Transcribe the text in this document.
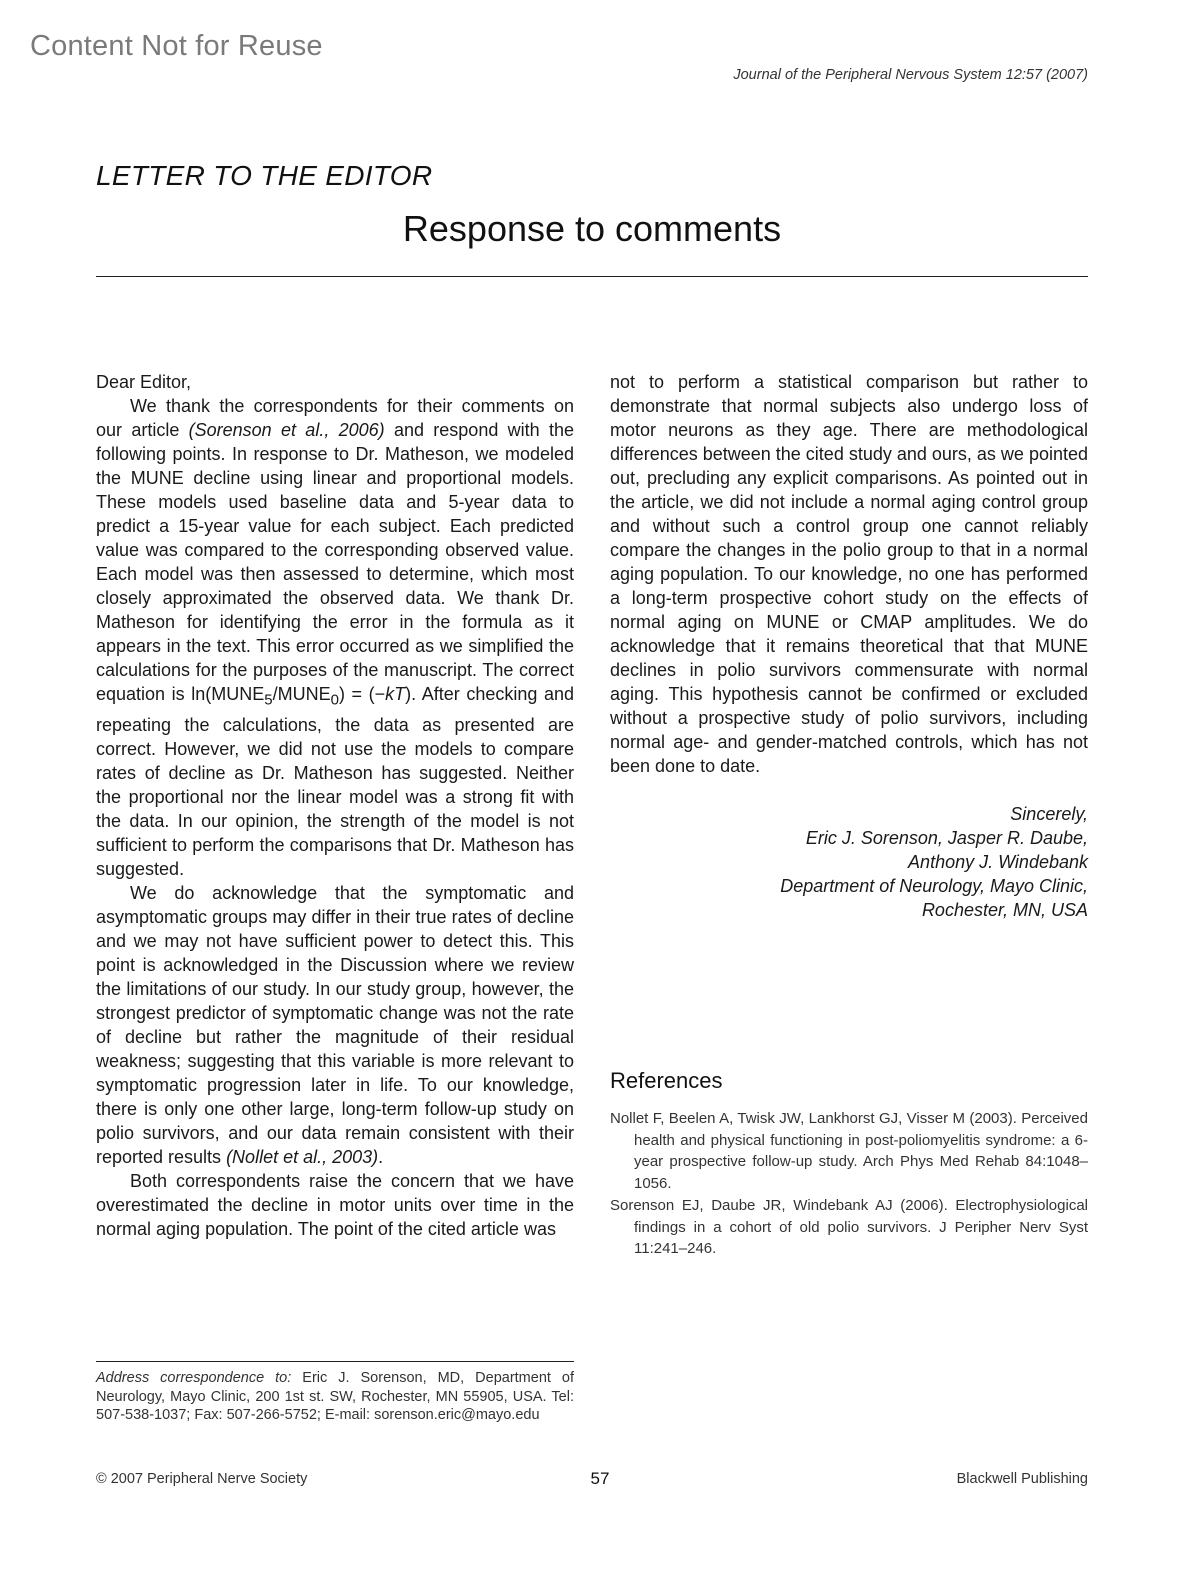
Content Not for Reuse
Journal of the Peripheral Nervous System 12:57 (2007)
LETTER TO THE EDITOR
Response to comments

Dear Editor,

We thank the correspondents for their comments on our article (Sorenson et al., 2006) and respond with the following points. In response to Dr. Matheson, we modeled the MUNE decline using linear and proportional models. These models used baseline data and 5-year data to predict a 15-year value for each subject. Each predicted value was compared to the corresponding observed value. Each model was then assessed to determine, which most closely approximated the observed data. We thank Dr. Matheson for identifying the error in the formula as it appears in the text. This error occurred as we simplified the calculations for the purposes of the manuscript. The correct equation is $\ln(MUNE_5/MUNE_0) = (-kT)$. After checking and repeating the calculations, the data as presented are correct. However, we did not use the models to compare rates of decline as Dr. Matheson has suggested. Neither the proportional nor the linear model was a strong fit with the data. In our opinion, the strength of the model is not sufficient to perform the comparisons that Dr. Matheson has suggested.

We do acknowledge that the symptomatic and asymptomatic groups may differ in their true rates of decline and we may not have sufficient power to detect this. This point is acknowledged in the Discussion where we review the limitations of our study. In our study group, however, the strongest predictor of symptomatic change was not the rate of decline but rather the magnitude of their residual weakness; suggesting that this variable is more relevant to symptomatic progression later in life. To our knowledge, there is only one other large, long-term follow-up study on polio survivors, and our data remain consistent with their reported results (Nollet et al., 2003).

Both correspondents raise the concern that we have overestimated the decline in motor units over time in the normal aging population. The point of the cited article was

not to perform a statistical comparison but rather to demonstrate that normal subjects also undergo loss of motor neurons as they age. There are methodological differences between the cited study and ours, as we pointed out, precluding any explicit comparisons. As pointed out in the article, we did not include a normal aging control group and without such a control group one cannot reliably compare the changes in the polio group to that in a normal aging population. To our knowledge, no one has performed a long-term prospective cohort study on the effects of normal aging on MUNE or CMAP amplitudes. We do acknowledge that it remains theoretical that that MUNE declines in polio survivors commensurate with normal aging. This hypothesis cannot be confirmed or excluded without a prospective study of polio survivors, including normal age- and gender-matched controls, which has not been done to date.

Sincerely,
Eric J. Sorenson, Jasper R. Daube,
Anthony J. Windebank
Department of Neurology, Mayo Clinic,
Rochester, MN, USA
References

Nollet F, Beelen A, Twisk JW, Lankhorst GJ, Visser M (2003). Perceived health and physical functioning in post-poliomyelitis syndrome: a 6-year prospective follow-up study. Arch Phys Med Rehab 84:1048–1056.

Sorenson EJ, Daube JR, Windebank AJ (2006). Electrophysiological findings in a cohort of old polio survivors. J Peripher Nerv Syst 11:241–246.

Address correspondence to: Eric J. Sorenson, MD, Department of Neurology, Mayo Clinic, 200 1st st. SW, Rochester, MN 55905, USA. Tel: 507-538-1037; Fax: 507-266-5752; E-mail: sorenson.eric@mayo.edu
© 2007 Peripheral Nerve Society	57	Blackwell Publishing
